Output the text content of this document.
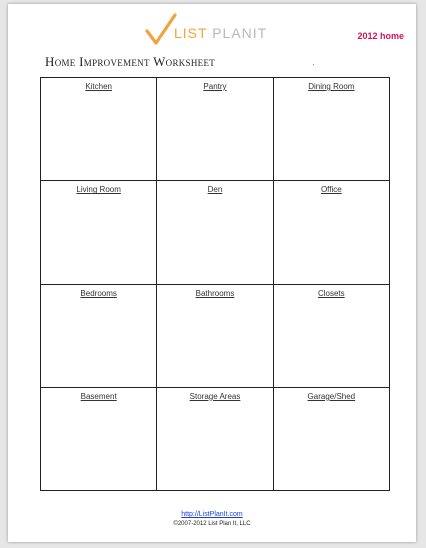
LIST PLANIT	2012 home
Home Improvement Worksheet
Kitchen	Pantry	Dining Room
Living Room	Den	Office
Bedrooms	Bathrooms	Closets
Basement	Storage Areas	Garage/Shed
http://ListPlanIt.com
©2007-2012 List Plan It, LLC
